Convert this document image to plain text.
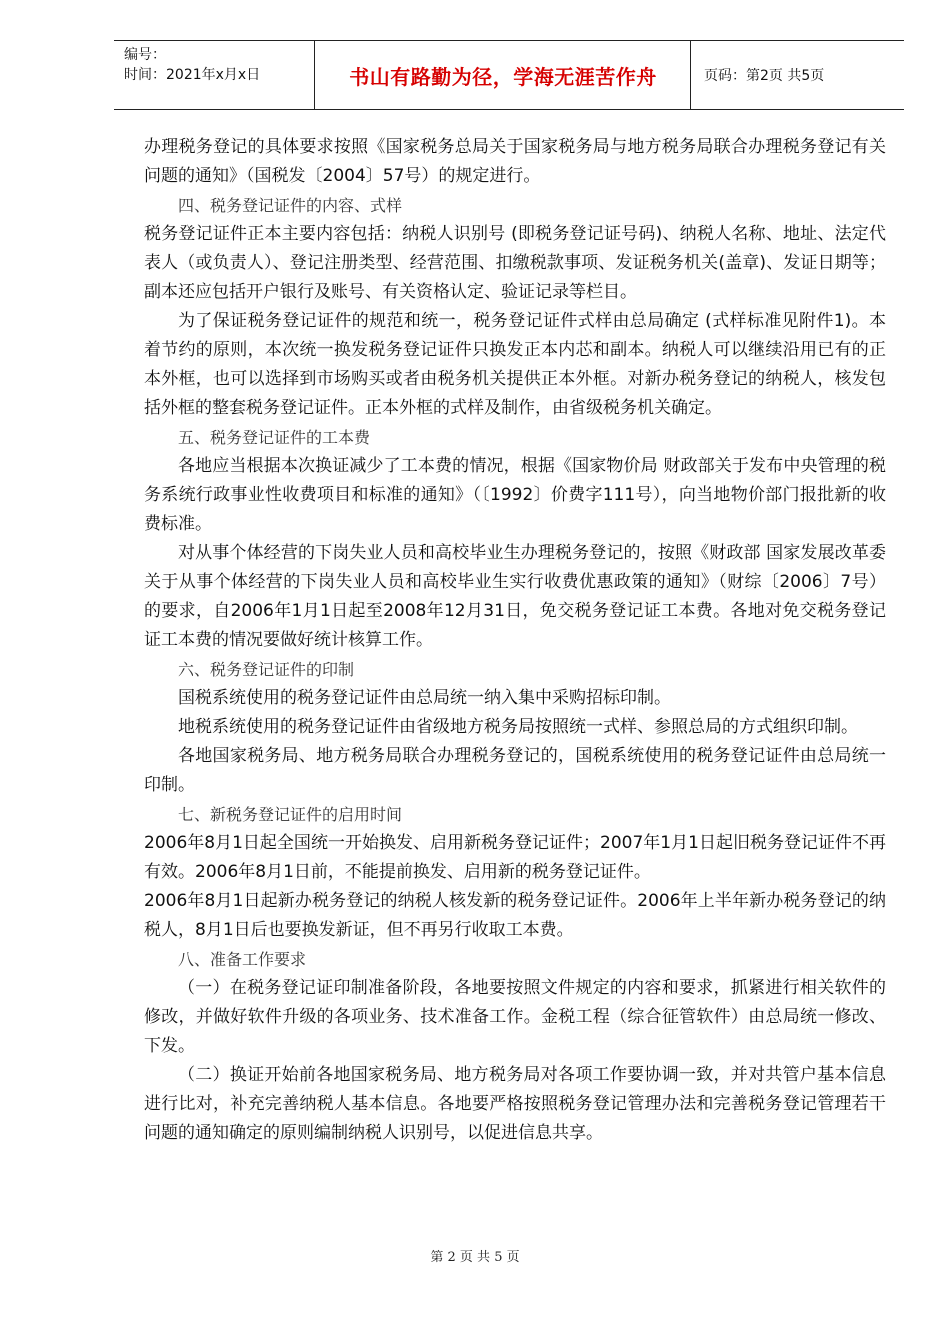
编号：
时间：2021年x月x日	书山有路勤为径，学海无涯苦作舟	页码：第2页 共5页

办理税务登记的具体要求按照《国家税务总局关于国家税务局与地方税务局联合办理税务登记有关问题的通知》（国税发〔2004〕57号）的规定进行。

四、税务登记证件的内容、式样

税务登记证件正本主要内容包括：纳税人识别号 (即税务登记证号码)、纳税人名称、地址、法定代表人（或负责人）、登记注册类型、经营范围、扣缴税款事项、发证税务机关(盖章)、发证日期等；副本还应包括开户银行及账号、有关资格认定、验证记录等栏目。

为了保证税务登记证件的规范和统一，税务登记证件式样由总局确定 (式样标准见附件1)。本着节约的原则，本次统一换发税务登记证件只换发正本内芯和副本。纳税人可以继续沿用已有的正本外框，也可以选择到市场购买或者由税务机关提供正本外框。对新办税务登记的纳税人，核发包括外框的整套税务登记证件。正本外框的式样及制作，由省级税务机关确定。

五、税务登记证件的工本费

各地应当根据本次换证减少了工本费的情况，根据《国家物价局 财政部关于发布中央管理的税务系统行政事业性收费项目和标准的通知》（〔1992〕价费字111号），向当地物价部门报批新的收费标准。

对从事个体经营的下岗失业人员和高校毕业生办理税务登记的，按照《财政部 国家发展改革委关于从事个体经营的下岗失业人员和高校毕业生实行收费优惠政策的通知》（财综〔2006〕7号）的要求，自2006年1月1日起至2008年12月31日，免交税务登记证工本费。各地对免交税务登记证工本费的情况要做好统计核算工作。

六、税务登记证件的印制

国税系统使用的税务登记证件由总局统一纳入集中采购招标印制。

地税系统使用的税务登记证件由省级地方税务局按照统一式样、参照总局的方式组织印制。

各地国家税务局、地方税务局联合办理税务登记的，国税系统使用的税务登记证件由总局统一印制。

七、新税务登记证件的启用时间

2006年8月1日起全国统一开始换发、启用新税务登记证件；2007年1月1日起旧税务登记证件不再有效。2006年8月1日前，不能提前换发、启用新的税务登记证件。

2006年8月1日起新办税务登记的纳税人核发新的税务登记证件。2006年上半年新办税务登记的纳税人，8月1日后也要换发新证，但不再另行收取工本费。

八、准备工作要求

（一）在税务登记证印制准备阶段，各地要按照文件规定的内容和要求，抓紧进行相关软件的修改，并做好软件升级的各项业务、技术准备工作。金税工程（综合征管软件）由总局统一修改、下发。

（二）换证开始前各地国家税务局、地方税务局对各项工作要协调一致，并对共管户基本信息进行比对，补充完善纳税人基本信息。各地要严格按照税务登记管理办法和完善税务登记管理若干问题的通知确定的原则编制纳税人识别号，以促进信息共享。

第 2 页 共 5 页
